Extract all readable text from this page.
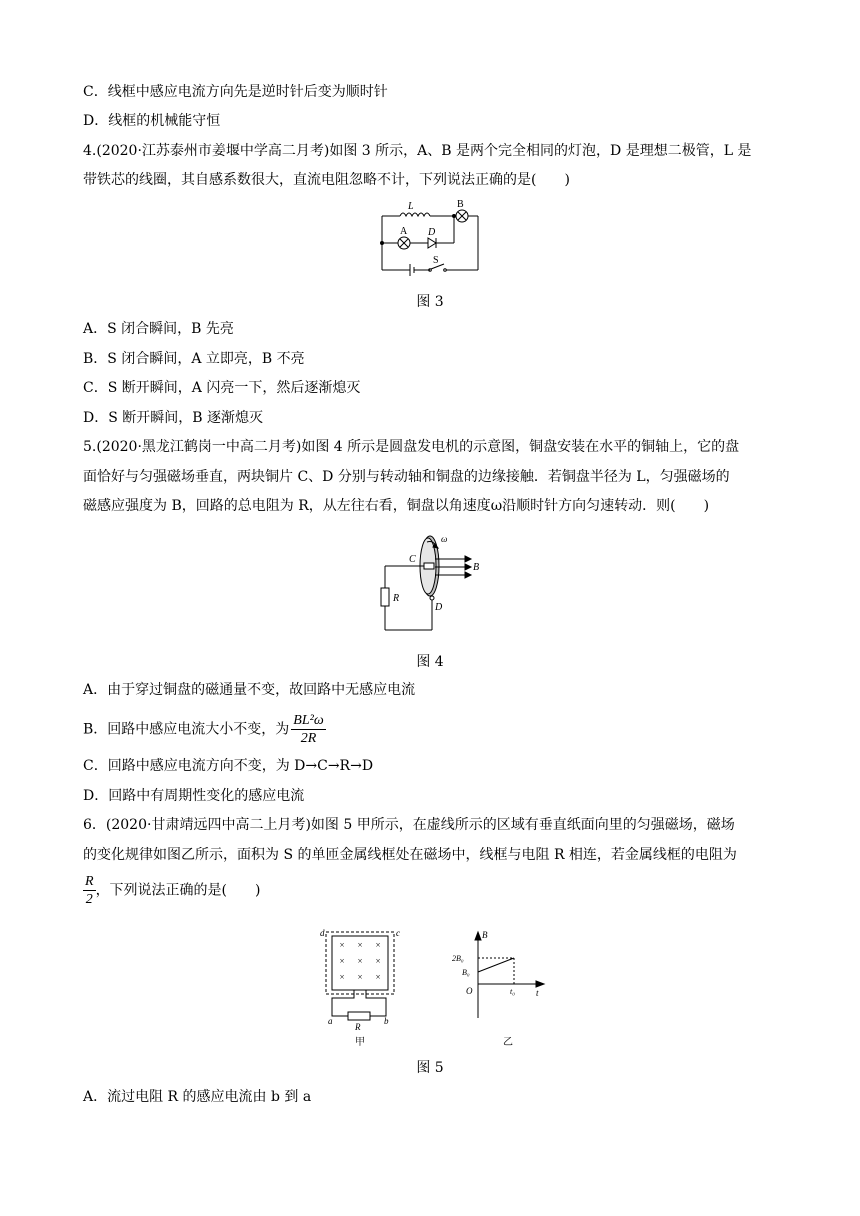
C．线框中感应电流方向先是逆时针后变为顺时针
D．线框的机械能守恒
4.(2020·江苏泰州市姜堰中学高二月考)如图 3 所示，A、B 是两个完全相同的灯泡，D 是理想二极管，L 是
带铁芯的线圈，其自感系数很大，直流电阻忽略不计，下列说法正确的是(　　)
L	B
A D
S
图 3
A．S 闭合瞬间，B 先亮
B．S 闭合瞬间，A 立即亮，B 不亮
C．S 断开瞬间，A 闪亮一下，然后逐渐熄灭
D．S 断开瞬间，B 逐渐熄灭
5.(2020·黑龙江鹤岗一中高二月考)如图 4 所示是圆盘发电机的示意图，铜盘安装在水平的铜轴上，它的盘
面恰好与匀强磁场垂直，两块铜片 C、D 分别与转动轴和铜盘的边缘接触．若铜盘半径为 L，匀强磁场的
磁感应强度为 B，回路的总电阻为 R，从左往右看，铜盘以角速度ω沿顺时针方向匀速转动．则(　　)
C
D
R
B
ω
图 4
A．由于穿过铜盘的磁通量不变，故回路中无感应电流
B．回路中感应电流大小不变，为 $\frac{\text{BL²ω}}{2R}$
C．回路中感应电流方向不变，为 D→C→R→D
D．回路中有周期性变化的感应电流
6．(2020·甘肃靖远四中高二上月考)如图 5 甲所示，在虚线所示的区域有垂直纸面向里的匀强磁场，磁场
的变化规律如图乙所示，面积为 S 的单匝金属线框处在磁场中，线框与电阻 R 相连，若金属线框的电阻为
$\frac{R}{2}$ ，下列说法正确的是(　　)
× × ×
× × ×
× × ×
d	c
a	b
R
甲
B
t
O
2B₀
B₀
t₀
乙
图 5
A．流过电阻 R 的感应电流由 b 到 a
